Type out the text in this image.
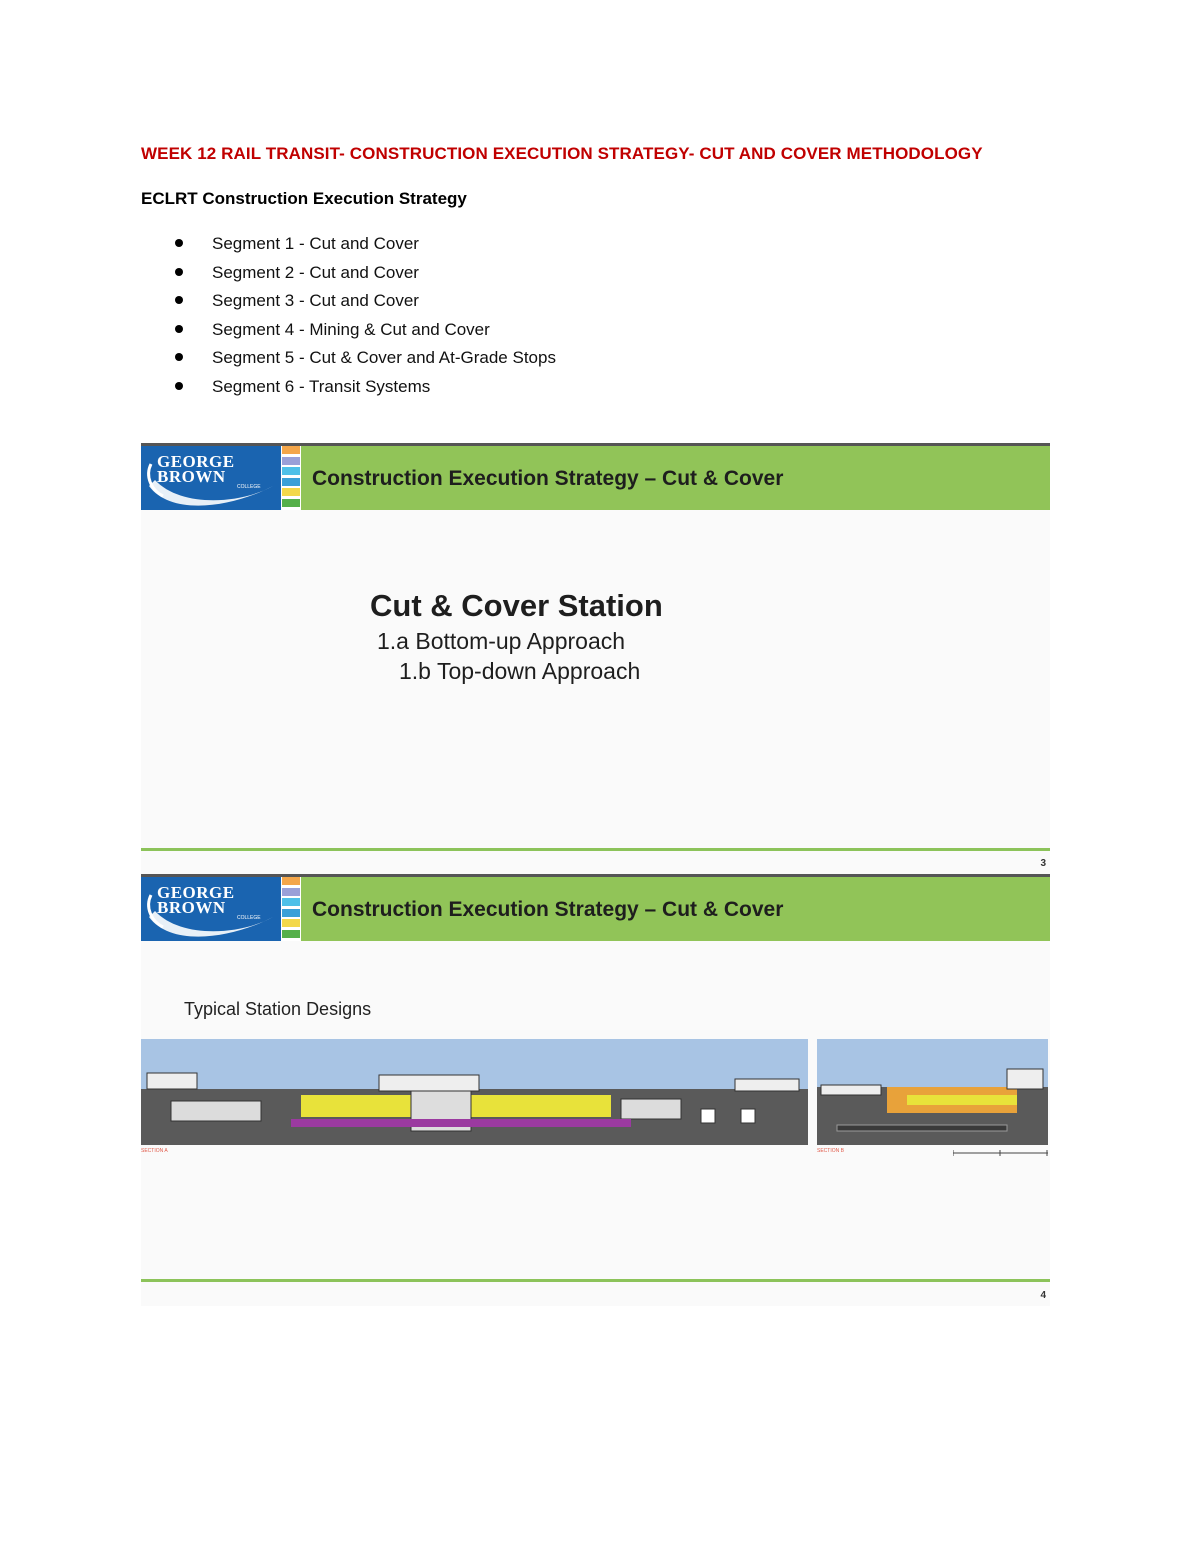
WEEK 12 RAIL TRANSIT- CONSTRUCTION EXECUTION STRATEGY- CUT AND COVER METHODOLOGY
ECLRT Construction Execution Strategy
Segment 1 - Cut and Cover
Segment 2 - Cut and Cover
Segment 3 - Cut and Cover
Segment 4 - Mining & Cut and Cover
Segment 5 - Cut & Cover and At-Grade Stops
Segment 6 - Transit Systems
GEORGE
BROWN
COLLEGE Construction Execution Strategy – Cut & Cover
Cut & Cover Station
1.a Bottom-up Approach
1.b Top-down Approach
3
GEORGE
BROWN
COLLEGE Construction Execution Strategy – Cut & Cover
Typical Station Designs
SECTION A	SECTION B
4
